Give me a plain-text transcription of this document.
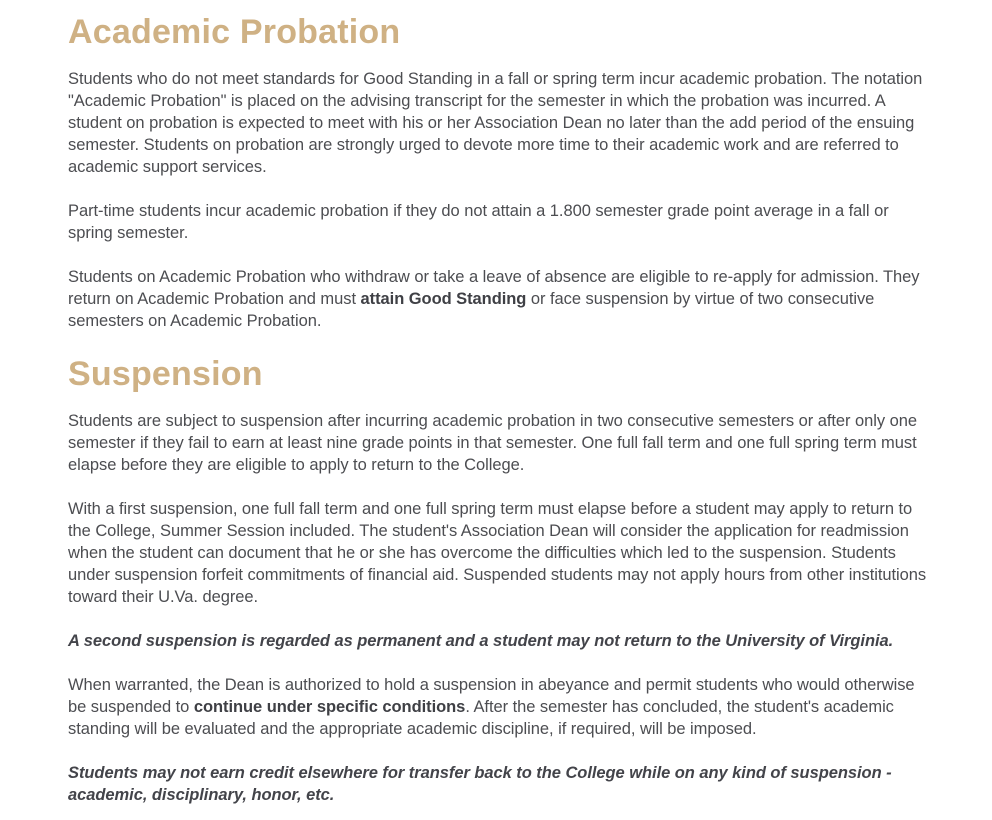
Academic Probation

Students who do not meet standards for Good Standing in a fall or spring term incur academic probation. The notation "Academic Probation" is placed on the advising transcript for the semester in which the probation was incurred. A student on probation is expected to meet with his or her Association Dean no later than the add period of the ensuing semester. Students on probation are strongly urged to devote more time to their academic work and are referred to academic support services.

Part-time students incur academic probation if they do not attain a 1.800 semester grade point average in a fall or spring semester.

Students on Academic Probation who withdraw or take a leave of absence are eligible to re-apply for admission. They return on Academic Probation and must attain Good Standing or face suspension by virtue of two consecutive semesters on Academic Probation.

Suspension

Students are subject to suspension after incurring academic probation in two consecutive semesters or after only one semester if they fail to earn at least nine grade points in that semester. One full fall term and one full spring term must elapse before they are eligible to apply to return to the College.

With a first suspension, one full fall term and one full spring term must elapse before a student may apply to return to the College, Summer Session included. The student's Association Dean will consider the application for readmission when the student can document that he or she has overcome the difficulties which led to the suspension. Students under suspension forfeit commitments of financial aid. Suspended students may not apply hours from other institutions toward their U.Va. degree.

A second suspension is regarded as permanent and a student may not return to the University of Virginia.

When warranted, the Dean is authorized to hold a suspension in abeyance and permit students who would otherwise be suspended to continue under specific conditions. After the semester has concluded, the student's academic standing will be evaluated and the appropriate academic discipline, if required, will be imposed.

Students may not earn credit elsewhere for transfer back to the College while on any kind of suspension - academic, disciplinary, honor, etc.
